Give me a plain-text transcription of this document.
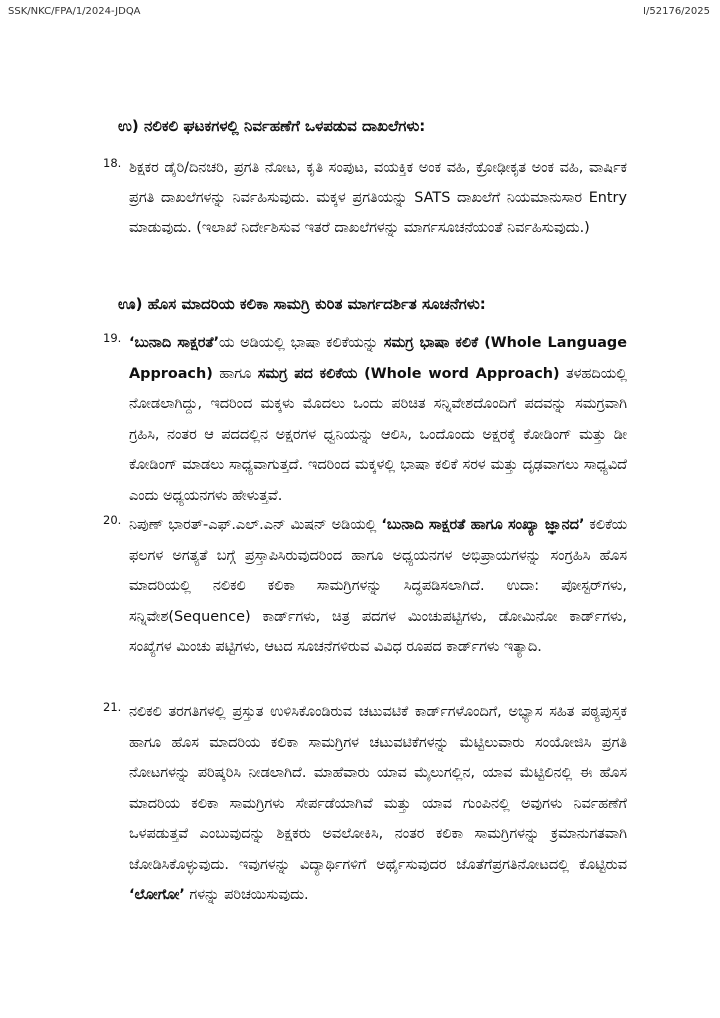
SSK/NKC/FPA/1/2024-JDQA	I/52176/2025
ಉ) ನಲಿಕಲಿ ಘಟಕಗಳಲ್ಲಿ ನಿರ್ವಹಣೆಗೆ ಒಳಪಡುವ ದಾಖಲೆಗಳು:
18. ಶಿಕ್ಷಕರ ಡೈರಿ/ದಿನಚರಿ, ಪ್ರಗತಿ ನೋಟ, ಕೃತಿ ಸಂಪುಟ, ವಯಕ್ತಿಕ ಅಂಕ ವಹಿ, ಕ್ರೋಢೀಕೃತ ಅಂಕ ವಹಿ, ವಾರ್ಷಿಕ ಪ್ರಗತಿ ದಾಖಲೆಗಳನ್ನು ನಿರ್ವಹಿಸುವುದು. ಮಕ್ಕಳ ಪ್ರಗತಿಯನ್ನು SATS ದಾಖಲೆಗೆ ನಿಯಮಾನುಸಾರ Entry ಮಾಡುವುದು. (ಇಲಾಖೆ ನಿರ್ದೇಶಿಸುವ ಇತರೆ ದಾಖಲೆಗಳನ್ನು ಮಾರ್ಗಸೂಚನೆಯಂತೆ ನಿರ್ವಹಿಸುವುದು.)
ಊ) ಹೊಸ ಮಾದರಿಯ ಕಲಿಕಾ ಸಾಮಗ್ರಿ ಕುರಿತ ಮಾರ್ಗದರ್ಶಿತ ಸೂಚನೆಗಳು:
19. ‘ಬುನಾದಿ ಸಾಕ್ಷರತೆ’ಯ ಅಡಿಯಲ್ಲಿ ಭಾಷಾ ಕಲಿಕೆಯನ್ನು ಸಮಗ್ರ ಭಾಷಾ ಕಲಿಕೆ (Whole Language Approach) ಹಾಗೂ ಸಮಗ್ರ ಪದ ಕಲಿಕೆಯ (Whole word Approach) ತಳಹದಿಯಲ್ಲಿ ನೋಡಲಾಗಿದ್ದು, ಇದರಿಂದ ಮಕ್ಕಳು ಮೊದಲು ಒಂದು ಪರಿಚಿತ ಸನ್ನಿವೇಶದೊಂದಿಗೆ ಪದವನ್ನು ಸಮಗ್ರವಾಗಿ ಗ್ರಹಿಸಿ, ನಂತರ ಆ ಪದದಲ್ಲಿನ ಅಕ್ಷರಗಳ ಧ್ವನಿಯನ್ನು ಆಲಿಸಿ, ಒಂದೊಂದು ಅಕ್ಷರಕ್ಕೆ ಕೋಡಿಂಗ್ ಮತ್ತು ಡೀ ಕೋಡಿಂಗ್ ಮಾಡಲು ಸಾಧ್ಯವಾಗುತ್ತದೆ. ಇದರಿಂದ ಮಕ್ಕಳಲ್ಲಿ ಭಾಷಾ ಕಲಿಕೆ ಸರಳ ಮತ್ತು ದೃಢವಾಗಲು ಸಾಧ್ಯವಿದೆ ಎಂದು ಅಧ್ಯಯನಗಳು ಹೇಳುತ್ತವೆ.
20. ನಿಪುಣ್ ಭಾರತ್-ಎಫ್.ಎಲ್.ಎನ್ ಮಿಷನ್ ಅಡಿಯಲ್ಲಿ ‘ಬುನಾದಿ ಸಾಕ್ಷರತೆ ಹಾಗೂ ಸಂಖ್ಯಾ ಜ್ಞಾನದ’ ಕಲಿಕೆಯ ಫಲಗಳ ಅಗತ್ಯತೆ ಬಗ್ಗೆ ಪ್ರಸ್ತಾಪಿಸಿರುವುದರಿಂದ ಹಾಗೂ ಅಧ್ಯಯನಗಳ ಅಭಿಪ್ರಾಯಗಳನ್ನು ಸಂಗ್ರಹಿಸಿ ಹೊಸ ಮಾದರಿಯಲ್ಲಿ ನಲಿಕಲಿ ಕಲಿಕಾ ಸಾಮಗ್ರಿಗಳನ್ನು ಸಿದ್ಧಪಡಿಸಲಾಗಿದೆ. ಉದಾ: ಪೋಸ್ಟರ್‌ಗಳು, ಸನ್ನಿವೇಶ(Sequence) ಕಾರ್ಡ್‌ಗಳು, ಚಿತ್ರ ಪದಗಳ ಮಿಂಚುಪಟ್ಟಿಗಳು, ಡೋಮಿನೋ ಕಾರ್ಡ್‌ಗಳು, ಸಂಖ್ಯೆಗಳ ಮಿಂಚು ಪಟ್ಟಿಗಳು, ಆಟದ ಸೂಚನೆಗಳಿರುವ ವಿವಿಧ ರೂಪದ ಕಾರ್ಡ್‌ಗಳು ಇತ್ಯಾದಿ.
21. ನಲಿಕಲಿ ತರಗತಿಗಳಲ್ಲಿ ಪ್ರಸ್ತುತ ಉಳಿಸಿಕೊಂಡಿರುವ ಚಟುವಟಿಕೆ ಕಾರ್ಡ್‌ಗಳೊಂದಿಗೆ, ಅಭ್ಯಾಸ ಸಹಿತ ಪಠ್ಯಪುಸ್ತಕ ಹಾಗೂ ಹೊಸ ಮಾದರಿಯ ಕಲಿಕಾ ಸಾಮಗ್ರಿಗಳ ಚಟುವಟಿಕೆಗಳನ್ನು ಮೆಟ್ಟಿಲುವಾರು ಸಂಯೋಜಿಸಿ ಪ್ರಗತಿ ನೋಟಗಳನ್ನು ಪರಿಷ್ಕರಿಸಿ ನೀಡಲಾಗಿದೆ. ಮಾಹೆವಾರು ಯಾವ ಮೈಲುಗಲ್ಲಿನ, ಯಾವ ಮೆಟ್ಟಿಲಿನಲ್ಲಿ ಈ ಹೊಸ ಮಾದರಿಯ ಕಲಿಕಾ ಸಾಮಗ್ರಿಗಳು ಸೇರ್ಪಡೆಯಾಗಿವೆ ಮತ್ತು ಯಾವ ಗುಂಪಿನಲ್ಲಿ ಅವುಗಳು ನಿರ್ವಹಣೆಗೆ ಒಳಪಡುತ್ತವೆ ಎಂಬುವುದನ್ನು ಶಿಕ್ಷಕರು ಅವಲೋಕಿಸಿ, ನಂತರ ಕಲಿಕಾ ಸಾಮಗ್ರಿಗಳನ್ನು ಕ್ರಮಾನುಗತವಾಗಿ ಜೋಡಿಸಿಕೊಳ್ಳುವುದು. ಇವುಗಳನ್ನು ವಿದ್ಯಾರ್ಥಿಗಳಿಗೆ ಅರ್ಥೈಸುವುದರ ಜೊತೆಗೆಪ್ರಗತಿನೋಟದಲ್ಲಿ ಕೊಟ್ಟಿರುವ ‘ಲೋಗೋ’ ಗಳನ್ನು ಪರಿಚಯಿಸುವುದು.
